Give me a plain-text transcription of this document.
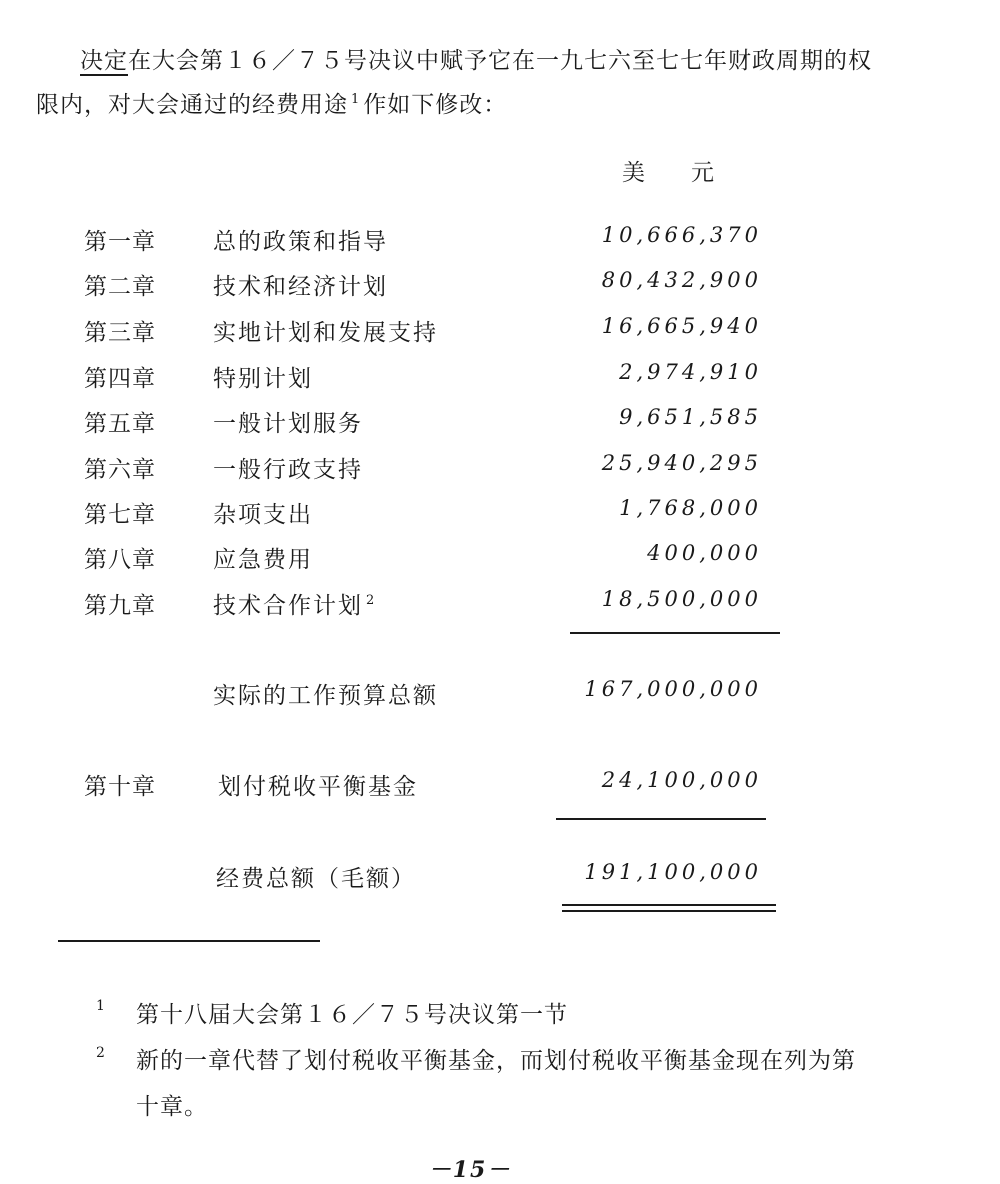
决定在大会第１６／７５号决议中赋予它在一九七六至七七年财政周期的权
限内，对大会通过的经费用途 $^1$ 作如下修改：
美元
第一章 总的政策和指导	10,666,370
第二章 技术和经济计划	80,432,900
第三章 实地计划和发展支持	16,665,940
第四章 特别计划	2,974,910
第五章 一般计划服务	9,651,585
第六章 一般行政支持	25,940,295
第七章 杂项支出	1,768,000
第八章 应急费用	400,000
第九章 技术合作计划 $^2$	18,500,000
实际的工作预算总额	167,000,000
第十章	划付税收平衡基金	24,100,000
经费总额（毛额）	191,100,000
1 第十八届大会第１６／７５号决议第一节
2 新的一章代替了划付税收平衡基金，而划付税收平衡基金现在列为第
十章。
－15－
